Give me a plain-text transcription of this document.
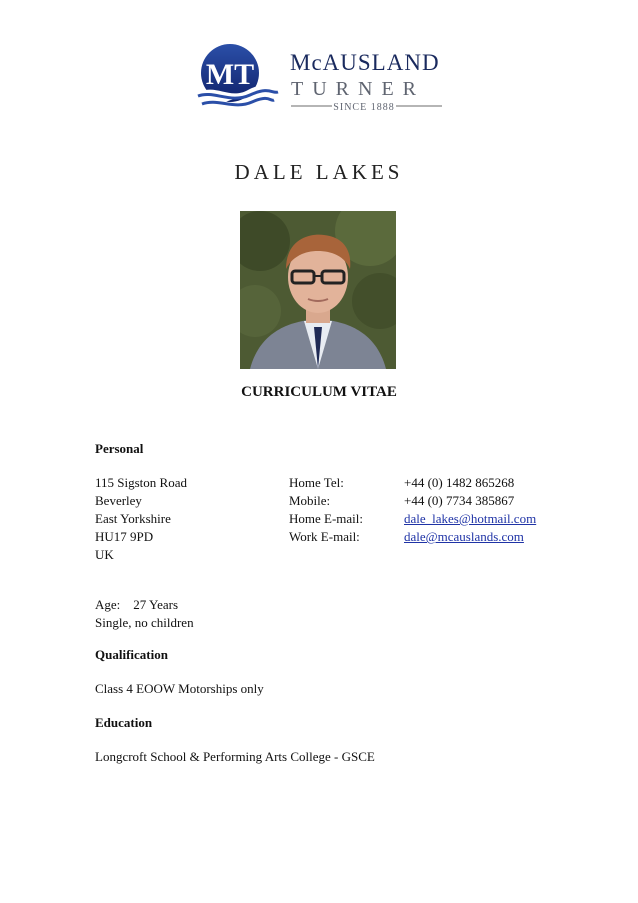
MT McAUSLAND
TURNER
SINCE 1888
DALE LAKES
CURRICULUM VITAE
Personal
115 Sigston Road
Beverley
East Yorkshire
HU17 9PD
UK
Home Tel:
Mobile:
Home E-mail:
Work E-mail:
+44 (0) 1482 865268
+44 (0) 7734 385867
dale_lakes@hotmail.com
dale@mcauslands.com
Age: 27 Years
Single, no children
Qualification
Class 4 EOOW Motorships only
Education
Longcroft School & Performing Arts College - GSCE
